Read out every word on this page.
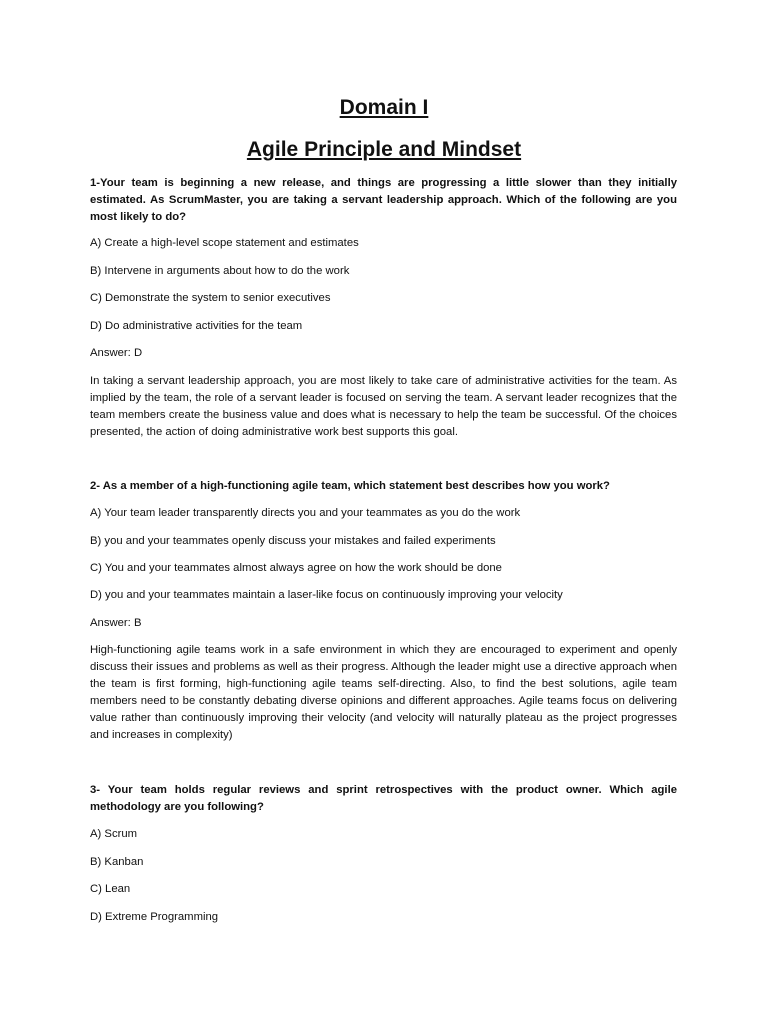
Domain I
Agile Principle and Mindset

1-Your team is beginning a new release, and things are progressing a little slower than they initially estimated. As ScrumMaster, you are taking a servant leadership approach. Which of the following are you most likely to do?

A) Create a high-level scope statement and estimates

B) Intervene in arguments about how to do the work

C) Demonstrate the system to senior executives

D) Do administrative activities for the team

Answer: D

In taking a servant leadership approach, you are most likely to take care of administrative activities for the team. As implied by the team, the role of a servant leader is focused on serving the team. A servant leader recognizes that the team members create the business value and does what is necessary to help the team be successful. Of the choices presented, the action of doing administrative work best supports this goal.

2- As a member of a high-functioning agile team, which statement best describes how you work?

A) Your team leader transparently directs you and your teammates as you do the work

B) you and your teammates openly discuss your mistakes and failed experiments

C) You and your teammates almost always agree on how the work should be done

D) you and your teammates maintain a laser-like focus on continuously improving your velocity

Answer: B

High-functioning agile teams work in a safe environment in which they are encouraged to experiment and openly discuss their issues and problems as well as their progress. Although the leader might use a directive approach when the team is first forming, high-functioning agile teams self-directing. Also, to find the best solutions, agile team members need to be constantly debating diverse opinions and different approaches. Agile teams focus on delivering value rather than continuously improving their velocity (and velocity will naturally plateau as the project progresses and increases in complexity)

3- Your team holds regular reviews and sprint retrospectives with the product owner. Which agile methodology are you following?

A) Scrum

B) Kanban

C) Lean

D) Extreme Programming
